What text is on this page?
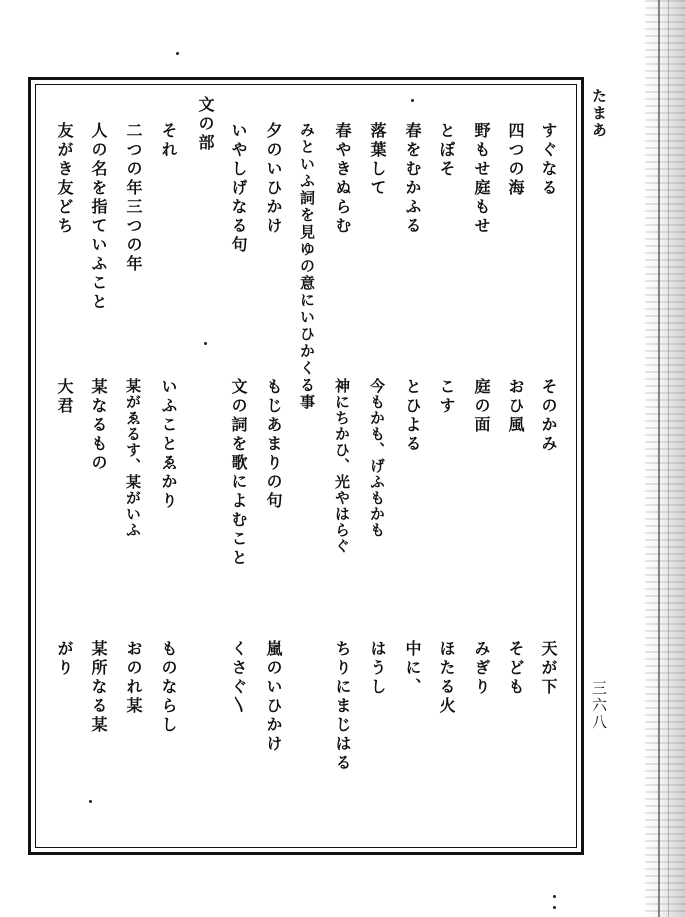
たまあ
三六八
すぐなる
そのかみ
天が下
四つの海
おひ風
そども
野もせ庭もせ
庭の面
みぎり
とぼそ
こす
ほたる火
春をむかふる
とひよる
中に、
落葉して
今もかも、げふもかも
はうし
春やきぬらむ
神にちかひ、光やはらぐ
ちりにまじはる
みといふ詞を見ゆの意にいひかくる事
夕のいひかけ
もじあまりの句
嵐のいひかけ
いやしげなる句
くさぐ〵
文の詞を歌によむこと
文の部
それ
いふことゑかり
ものならし
二つの年三つの年
某がゑるす、某がいふ
おのれ某
人の名を指ていふこと
某なるもの
某所なる某
友がき友どち
大君
がり
